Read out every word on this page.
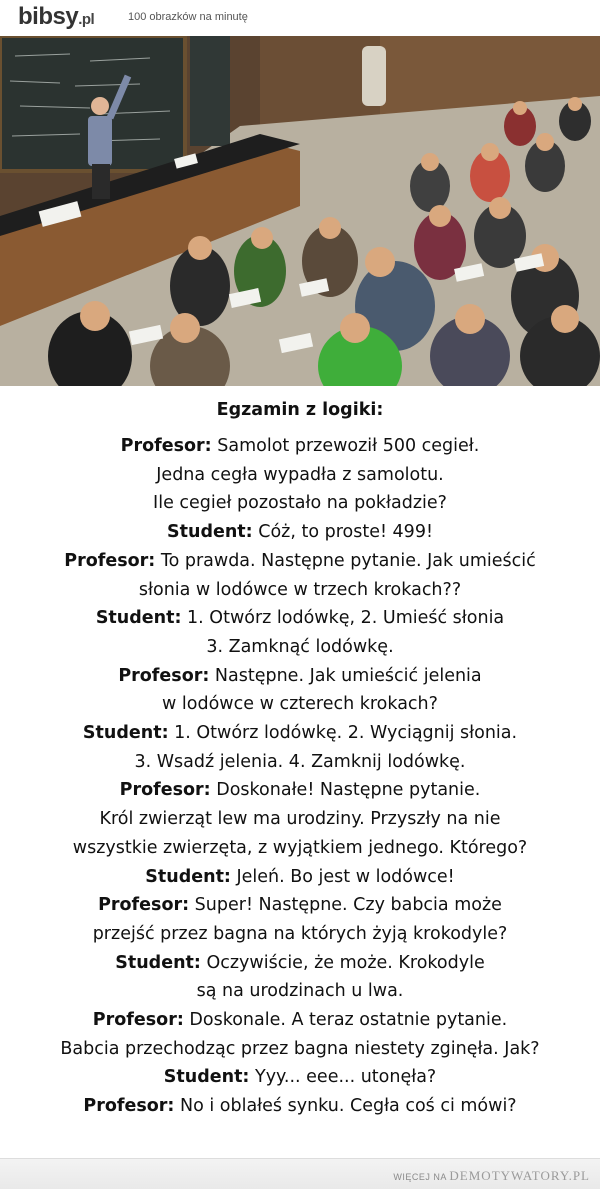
bibsy.pl	100 obrazków na minutę
Egzamin z logiki:
Profesor: Samolot przewoził 500 cegieł.
Jedna cegła wypadła z samolotu.
Ile cegieł pozostało na pokładzie?
Student: Cóż, to proste! 499!
Profesor: To prawda. Następne pytanie. Jak umieścić
słonia w lodówce w trzech krokach??
Student: 1. Otwórz lodówkę, 2. Umieść słonia
3. Zamknąć lodówkę.
Profesor: Następne. Jak umieścić jelenia
w lodówce w czterech krokach?
Student: 1. Otwórz lodówkę. 2. Wyciągnij słonia.
3. Wsadź jelenia. 4. Zamknij lodówkę.
Profesor: Doskonałe! Następne pytanie.
Król zwierząt lew ma urodziny. Przyszły na nie
wszystkie zwierzęta, z wyjątkiem jednego. Którego?
Student: Jeleń. Bo jest w lodówce!
Profesor: Super! Następne. Czy babcia może
przejść przez bagna na których żyją krokodyle?
Student: Oczywiście, że może. Krokodyle
są na urodzinach u lwa.
Profesor: Doskonale. A teraz ostatnie pytanie.
Babcia przechodząc przez bagna niestety zginęła. Jak?
Student: Yyy... eee... utonęła?
Profesor: No i oblałeś synku. Cegła coś ci mówi?
WIĘCEJ NA DEMOTYWATORY.PL
